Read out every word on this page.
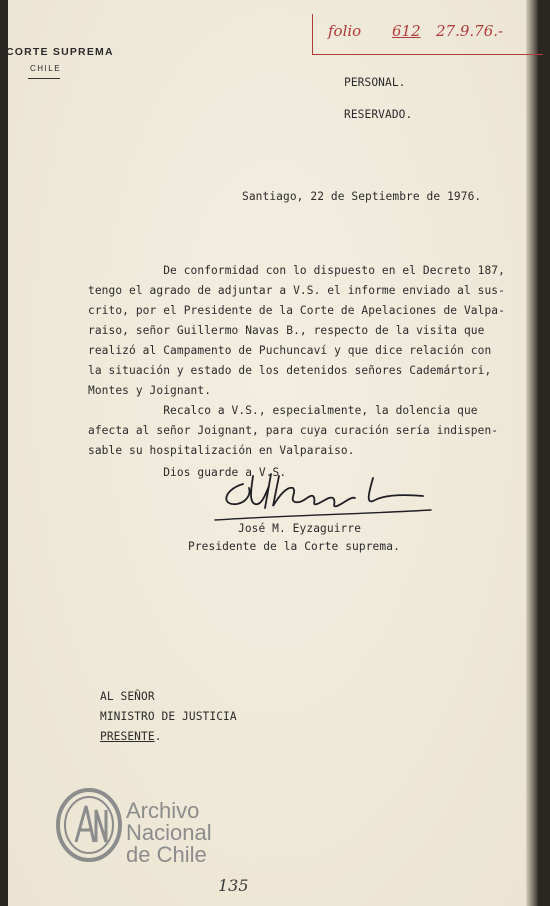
folio 612 27.9.76.-
CORTE SUPREMA
CHILE
PERSONAL.
RESERVADO.
Santiago, 22 de Septiembre de 1976.
De conformidad con lo dispuesto en el Decreto 187,
tengo el agrado de adjuntar a V.S. el informe enviado al sus-
crito, por el Presidente de la Corte de Apelaciones de Valpa-
raiso, señor Guillermo Navas B., respecto de la visita que
realizó al Campamento de Puchuncaví y que dice relación con
la situación y estado de los detenidos señores Cademártori,
Montes y Joignant.
Recalco a V.S., especialmente, la dolencia que
afecta al señor Joignant, para cuya curación sería indispen-
sable su hospitalización en Valparaiso.
Dios guarde a V.S.
José M. Eyzaguirre
Presidente de la Corte suprema.
AL SEÑOR
MINISTRO DE JUSTICIA
PRESENTE.
Archivo
Nacional
de Chile
135
